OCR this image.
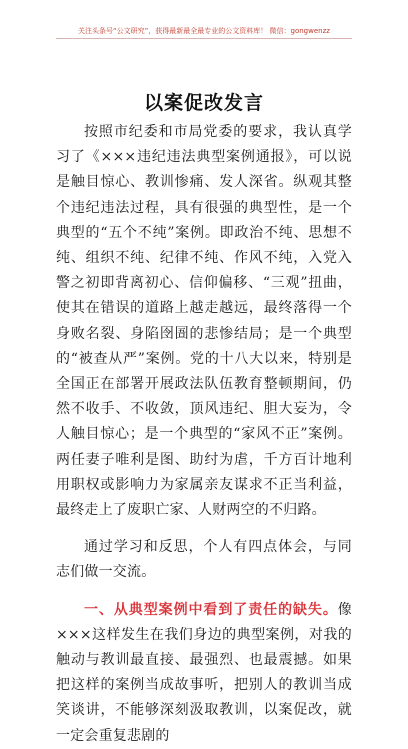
关注头条号“公文研究”，获得最新最全最专业的公文资料库！ 微信：gongwenzz
以案促改发言

按照市纪委和市局党委的要求，我认真学习了《×××违纪违法典型案例通报》，可以说是触目惊心、教训惨痛、发人深省。纵观其整个违纪违法过程，具有很强的典型性，是一个典型的“五个不纯”案例。即政治不纯、思想不纯、组织不纯、纪律不纯、作风不纯，入党入警之初即背离初心、信仰偏移、“三观”扭曲，使其在错误的道路上越走越远，最终落得一个身败名裂、身陷囹圄的悲惨结局；是一个典型的“被查从严”案例。党的十八大以来，特别是全国正在部署开展政法队伍教育整顿期间，仍然不收手、不收敛，顶风违纪、胆大妄为，令人触目惊心；是一个典型的“家风不正”案例。两任妻子唯利是图、助纣为虐，千方百计地利用职权或影响力为家属亲友谋求不正当利益，最终走上了废职亡家、人财两空的不归路。

通过学习和反思，个人有四点体会，与同志们做一交流。

一、从典型案例中看到了责任的缺失。像×××这样发生在我们身边的典型案例，对我的触动与教训最直接、最强烈、也最震撼。如果把这样的案例当成故事听，把别人的教训当成笑谈讲，不能够深刻汲取教训，以案促改，就一定会重复悲剧的
